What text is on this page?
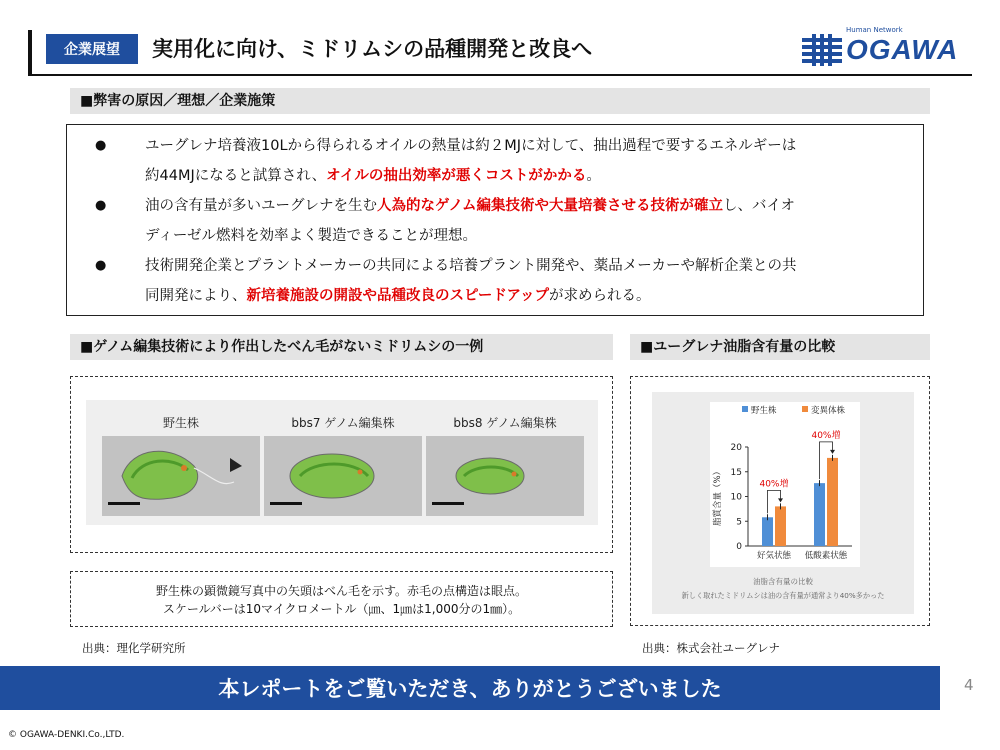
企業展望	実用化に向け、ミドリムシの品種開発と改良へ
Human Network
OGAWA
■弊害の原因／理想／企業施策
●	ユーグレナ培養液10Lから得られるオイルの熱量は約２MJに対して、抽出過程で要するエネルギーは
約44MJになると試算され、オイルの抽出効率が悪くコストがかかる。
●	油の含有量が多いユーグレナを生む人為的なゲノム編集技術や大量培養させる技術が確立し、バイオ
ディーゼル燃料を効率よく製造できることが理想。
●	技術開発企業とプラントメーカーの共同による培養プラント開発や、薬品メーカーや解析企業との共
同開発により、新培養施設の開設や品種改良のスピードアップが求められる。
■ゲノム編集技術により作出したべん毛がないミドリムシの一例
野生株	bbs7 ゲノム編集株	bbs8 ゲノム編集株
野生株の顕微鏡写真中の矢頭はべん毛を示す。赤毛の点構造は眼点。
スケールバーは10マイクロメートル（㎛、1㎛は1,000分の1㎜）。
出典：理化学研究所
■ユーグレナ油脂含有量の比較
0
5
10
15
20
脂質含量（%）
野生株	変異体株
好気状態 低酸素状態
40%増
40%増
油脂含有量の比較
新しく取れたミドリムシは油の含有量が通常より40%多かった
出典：株式会社ユーグレナ
本レポートをご覧いただき、ありがとうございました	4
© OGAWA-DENKI.Co.,LTD.
